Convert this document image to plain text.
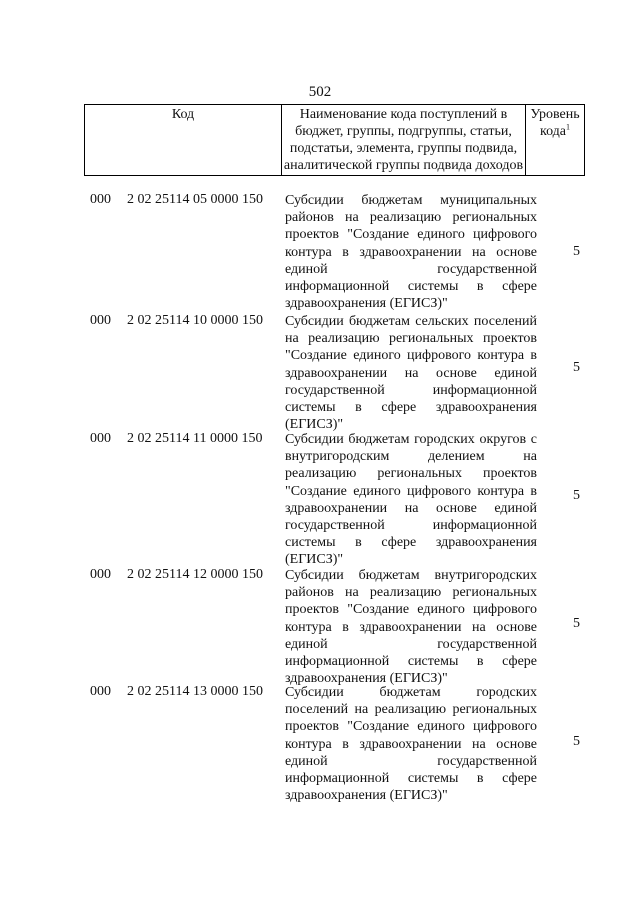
502
Код	Наименование кода поступлений в бюджет, группы, подгруппы, статьи, подстатьи, элемента, группы подвида, аналитической группы подвида доходов
Уровень кода$^1$
000 2 02 25114 05 0000 150 Субсидии бюджетам муниципальных районов на реализацию региональных проектов "Создание единого цифрового контура в здравоохранении на основе единой государственной информационной системы в сфере здравоохранения (ЕГИСЗ)"
5
000 2 02 25114 10 0000 150 Субсидии бюджетам сельских поселений на реализацию региональных проектов "Создание единого цифрового контура в здравоохранении на основе единой государственной информационной системы в сфере здравоохранения (ЕГИСЗ)"
5
000 2 02 25114 11 0000 150 Субсидии бюджетам городских округов с внутригородским делением на реализацию региональных проектов "Создание единого цифрового контура в здравоохранении на основе единой государственной информационной системы в сфере здравоохранения (ЕГИСЗ)"
5
000 2 02 25114 12 0000 150 Субсидии бюджетам внутригородских районов на реализацию региональных проектов "Создание единого цифрового контура в здравоохранении на основе единой государственной информационной системы в сфере здравоохранения (ЕГИСЗ)"
5
000 2 02 25114 13 0000 150 Субсидии бюджетам городских поселений на реализацию региональных проектов "Создание единого цифрового контура в здравоохранении на основе единой государственной информационной системы в сфере здравоохранения (ЕГИСЗ)"
5
